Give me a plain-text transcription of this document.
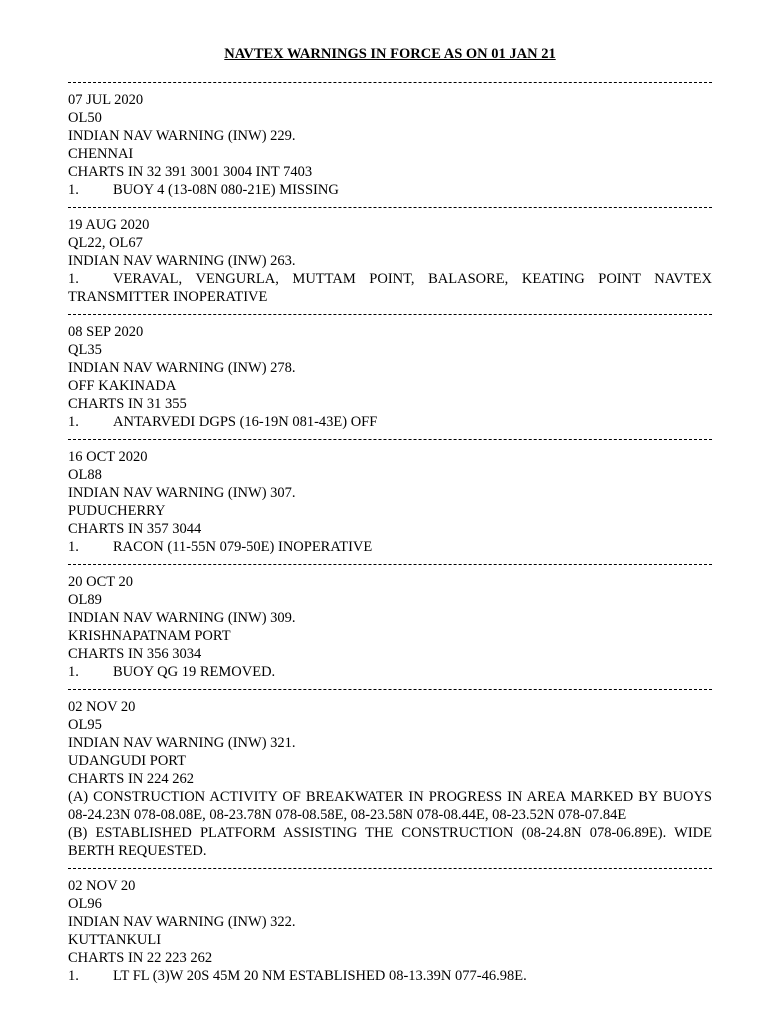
NAVTEX WARNINGS IN FORCE AS ON 01 JAN 21
07 JUL 2020
OL50
INDIAN NAV WARNING (INW) 229.
CHENNAI
CHARTS IN 32 391 3001 3004 INT 7403
1.	BUOY 4 (13-08N 080-21E) MISSING
19 AUG 2020
QL22, OL67
INDIAN NAV WARNING (INW) 263.
1.	VERAVAL, VENGURLA, MUTTAM POINT, BALASORE, KEATING POINT NAVTEX
TRANSMITTER INOPERATIVE
08 SEP 2020
QL35
INDIAN NAV WARNING (INW) 278.
OFF KAKINADA
CHARTS IN 31 355
1.	ANTARVEDI DGPS (16-19N 081-43E) OFF
16 OCT 2020
OL88
INDIAN NAV WARNING (INW) 307.
PUDUCHERRY
CHARTS IN 357 3044
1.	RACON (11-55N 079-50E) INOPERATIVE
20 OCT 20
OL89
INDIAN NAV WARNING (INW) 309.
KRISHNAPATNAM PORT
CHARTS IN 356 3034
1.	BUOY QG 19 REMOVED.
02 NOV 20
OL95
INDIAN NAV WARNING (INW) 321.
UDANGUDI PORT
CHARTS IN 224 262

(A) CONSTRUCTION ACTIVITY OF BREAKWATER IN PROGRESS IN AREA MARKED BY BUOYS 08-24.23N 078-08.08E, 08-23.78N 078-08.58E, 08-23.58N 078-08.44E, 08-23.52N 078-07.84E

(B) ESTABLISHED PLATFORM ASSISTING THE CONSTRUCTION (08-24.8N 078-06.89E). WIDE BERTH REQUESTED.

02 NOV 20
OL96
INDIAN NAV WARNING (INW) 322.
KUTTANKULI
CHARTS IN 22 223 262
1.	LT FL (3)W 20S 45M 20 NM ESTABLISHED 08-13.39N 077-46.98E.
